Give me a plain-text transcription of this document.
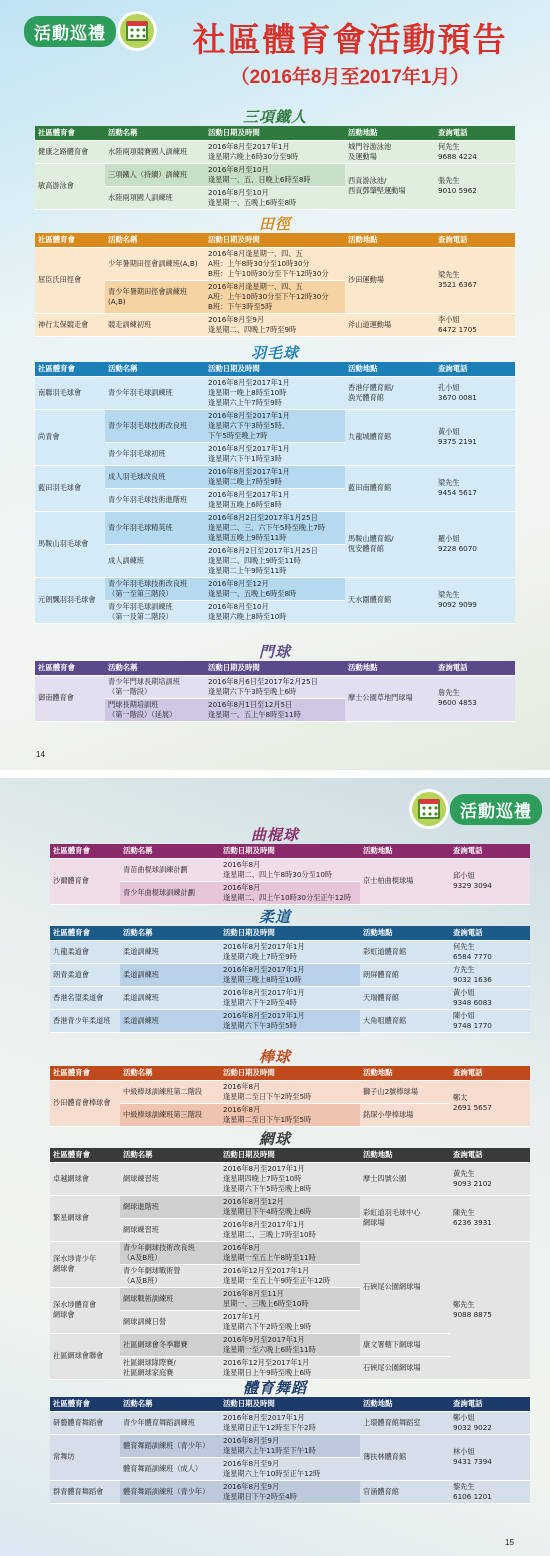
活動巡禮	社區體育會活動預告
（2016年8月至2017年1月）
三項鐵人
社區體育會	活動名稱	活動日期及時間	活動地點	查詢電話
健康之路體育會	水陸兩項競賽國人訓練班	2016年8月至2017年1月
逢星期六晚上6時30分至9時	城門谷游泳池
及運動場	何先生
9688 4224
敏高游泳會	三項鐵人（持續）訓練班	2016年8月至10月
逢星期一、五、日晚上6時至8時	西貢游泳池/
西貢鄧肇堅運動場	張先生
9010 5962
	水陸兩項國人訓練班	2016年8月至10月
逢星期一、五晚上6時至8時		
田徑
社區體育會	活動名稱	活動日期及時間	活動地點	查詢電話
屈臣氏田徑會	少年暑期田徑會訓練班(A,B)	2016年8月逢星期一、四、五
A班：上午8時30分至10時30分
B班：上午10時30分至下午12時30分	沙田運動場	梁先生
3521 6367
	青少年暑期田徑會訓練班(A,B)	2016年8月逢星期一、四、五
A班：上午10時30分至下午12時30分
B班：下午3時至5時		
神行太保競走會	競走訓練初班	2016年8月至9月
逢星期二、四晚上7時至9時	斧山道運動場	李小姐
6472 1705
羽毛球
社區體育會	活動名稱	活動日期及時間	活動地點	查詢電話
南聯羽毛球會	青少年羽毛球訓練班	2016年8月至2017年1月
逢星期一晚上8時至10時
逢星期六上午7時至9時	香港仔體育館/
漁光體育館	孔小姐
3670 0081
尚青會	青少年羽毛球技術改良班	2016年8月至2017年1月
逢星期六下午3時至5時、
下午5時至晚上7時	九龍城體育館	黃小姐
9375 2191
	青少年羽毛球初班	2016年8月至2017年1月
逢星期六下午1時至3時		
藍田羽毛球會	成人羽毛球改良班	2016年8月至2017年1月
逢星期二晚上7時至9時	藍田南體育館	梁先生
9454 5617
	青少年羽毛球技術進階班	2016年8月至2017年1月
逢星期五晚上6時至8時		
馬鞍山羽毛球會	青少年羽毛球精英班	2016年8月2日至2017年1月25日
逢星期二、三、六下午5時至晚上7時
逢星期五晚上9時至11時	馬鞍山體育館/
恆安體育館	羅小姐
9228 6070
	成人訓練班	2016年8月2日至2017年1月25日
逢星期二、四晚上9時至11時
逢星期二上午9時至11時		
元朗飄羽羽毛球會	青少年羽毛球技術改良班
（第一至第三階段）	2016年8月至12月
逢星期一、五晚上6時至8時	天水圍體育館	梁先生
9092 9099
	青少年羽毛球訓練班
（第一及第二階段）	2016年8月至10月
逢星期六晚上8時至10時		
門球
社區體育會	活動名稱	活動日期及時間	活動地點	查詢電話
御南體育會	青少年門球長期培訓班
（第一階段）	2016年8月6日至2017年2月25日
逢星期六下午3時至晚上6時	摩士公園草地門球場	詹先生
9600 4853
	門球長期培訓班
（第一階段）（延展）	2016年8月1日至12月5日
逢星期一、五上午8時至11時		
14
活動巡禮
曲棍球
社區體育會	活動名稱	活動日期及時間	活動地點	查詢電話
沙爾體育會	青苗曲棍球訓練計劃	2016年8月
逢星期二、四上午8時30分至10時	京士柏曲棍球場	邱小姐
9329 3094
	青少年曲棍球訓練計劃	2016年8月
逢星期二、四上午10時30分至正午12時		
柔道
社區體育會	活動名稱	活動日期及時間	活動地點	查詢電話
九龍柔道會	柔道訓練班	2016年8月至2017年1月
逢星期六晚上7時至9時	彩虹道體育館	何先生
6584 7770
朗青柔道會	柔道訓練班	2016年8月至2017年1月
逢星期三晚上8時至10時	朗屏體育館	方先生
9032 1636
香港名望柔道會	柔道訓練班	2016年8月至2017年1月
逢星期六下午2時至4時	天瑞體育館	黃小姐
9348 6083
香港青少年柔道班	柔道訓練班	2016年8月至2017年1月
逢星期六下午3時至5時	大角咀體育館	陳小姐
9748 1770
棒球
社區體育會	活動名稱	活動日期及時間	活動地點	查詢電話
沙田體育會棒球會	中級棒球訓練班第二階段	2016年8月
逢星期二至日下午2時至5時	獅子山2號棒球場	鄭太
2691 5657
	中級棒球訓練班第三階段	2016年8月
逢星期二至日下午1時至5時	銘琛小學棒球場	
網球
社區體育會	活動名稱	活動日期及時間	活動地點	查詢電話
卓越網球會	網球練習班	2016年8月至2017年1月
逢星期四晚上7時至10時
逢星期六下午5時至晚上8時	摩士四號公園	黃先生
9093 2102
繁星網球會	網球進階班	2016年8月至12月
逢星期日下午4時至晚上6時	彩虹道羽毛球中心
網球場	陳先生
6236 3931
	網球練習班	2016年8月至2017年1月
逢星期二、三晚上7時至10時		
深水埗青少年
網球會	青少年網球技術改良班
（A及B班）	2016年8月
逢星期一至五上午8時至11時	石硤尾公園網球場	鄭先生
9088 8875
	青少年網球戰術營
（A及B班）	2016年12月至2017年1月
逢星期一至五上午9時至正午12時		
深水埗體育會
網球會	網球戰術訓練班	2016年8月至11月
星期一、三晚上6時至10時		
	網球訓練日營	2017年1月
逢星期六下午2時至晚上9時		
社區網球會聯會	社區網球會冬季聯賽	2016年9月至2017年1月
逢星期一至六晚上6時至11時	康文署轄下網球場	
	社區網球隊際賽/
社區網球家庭賽	2016年12月至2017年1月
逢星期日上午9時至晚上6時	石硤尾公園網球場	
體育舞蹈
社區體育會	活動名稱	活動日期及時間	活動地點	查詢電話
研藝體育舞蹈會	青少年體育舞蹈訓練班	2016年8月至2017年1月
逢星期日正午12時至下午2時	上環體育館舞蹈室	鄭小姐
9032 9022
常舞坊	體育舞蹈訓練班（青少年）	2016年8月至9月
逢星期六上午11時至下午1時	薄扶林體育館	林小姐
9431 7394
	體育舞蹈訓練班（成人）	2016年8月至9月
逢星期六上午10時至正午12時		
群青體育舞蹈會	體育舞蹈訓練班（青少年）	2016年8月至9月
逢星期日下午2時至4時	官涌體育館	黎先生
6106 1201
15
